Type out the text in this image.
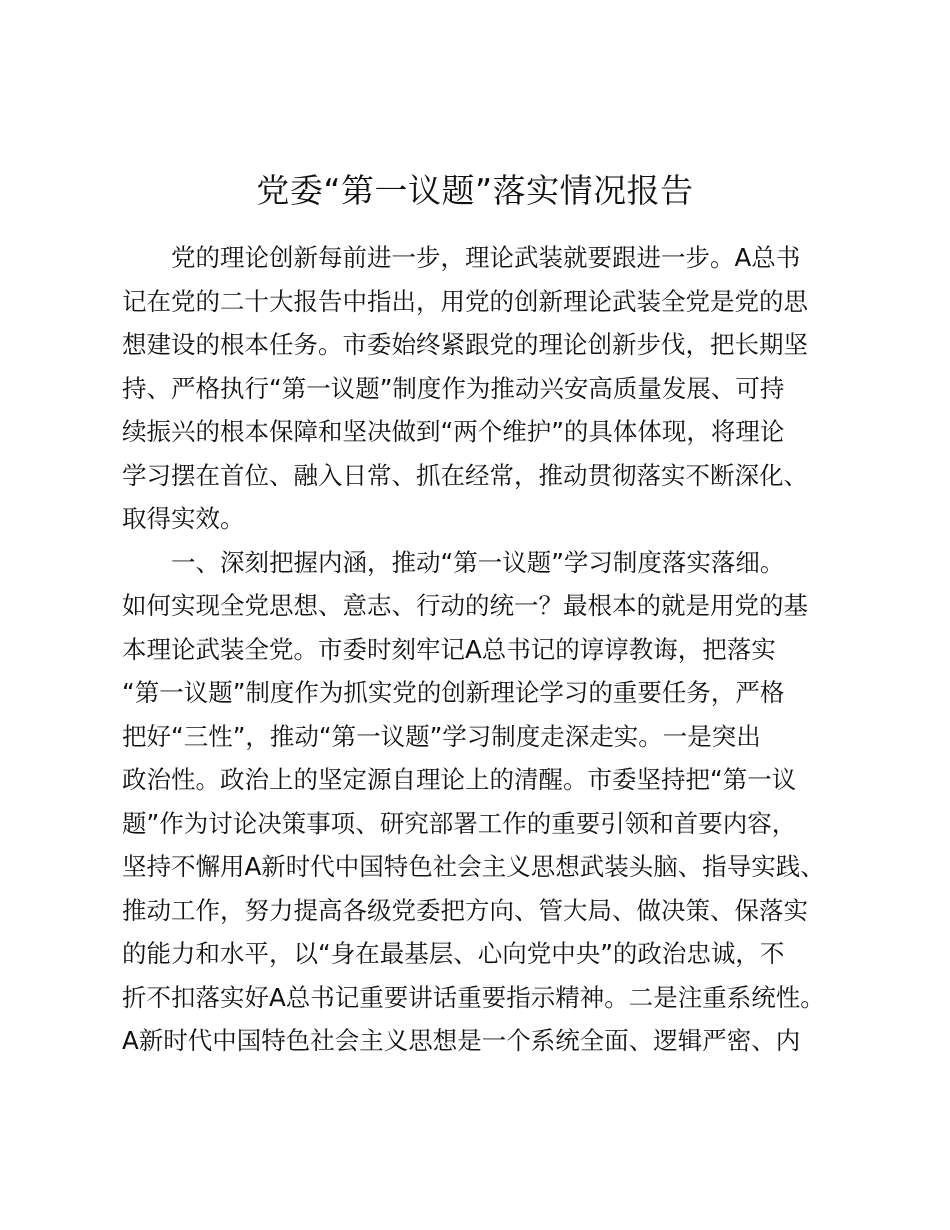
党委“第一议题”落实情况报告
　　党的理论创新每前进一步，理论武装就要跟进一步。A总书
记在党的二十大报告中指出，用党的创新理论武装全党是党的思
想建设的根本任务。市委始终紧跟党的理论创新步伐，把长期坚
持、严格执行“第一议题”制度作为推动兴安高质量发展、可持
续振兴的根本保障和坚决做到“两个维护”的具体体现，将理论
学习摆在首位、融入日常、抓在经常，推动贯彻落实不断深化、
取得实效。
　　一、深刻把握内涵，推动“第一议题”学习制度落实落细。
如何实现全党思想、意志、行动的统一？最根本的就是用党的基
本理论武装全党。市委时刻牢记A总书记的谆谆教诲，把落实
“第一议题”制度作为抓实党的创新理论学习的重要任务，严格
把好“三性”，推动“第一议题”学习制度走深走实。一是突出
政治性。政治上的坚定源自理论上的清醒。市委坚持把“第一议
题”作为讨论决策事项、研究部署工作的重要引领和首要内容，
坚持不懈用A新时代中国特色社会主义思想武装头脑、指导实践、
推动工作，努力提高各级党委把方向、管大局、做决策、保落实
的能力和水平，以“身在最基层、心向党中央”的政治忠诚，不
折不扣落实好A总书记重要讲话重要指示精神。二是注重系统性。
A新时代中国特色社会主义思想是一个系统全面、逻辑严密、内
